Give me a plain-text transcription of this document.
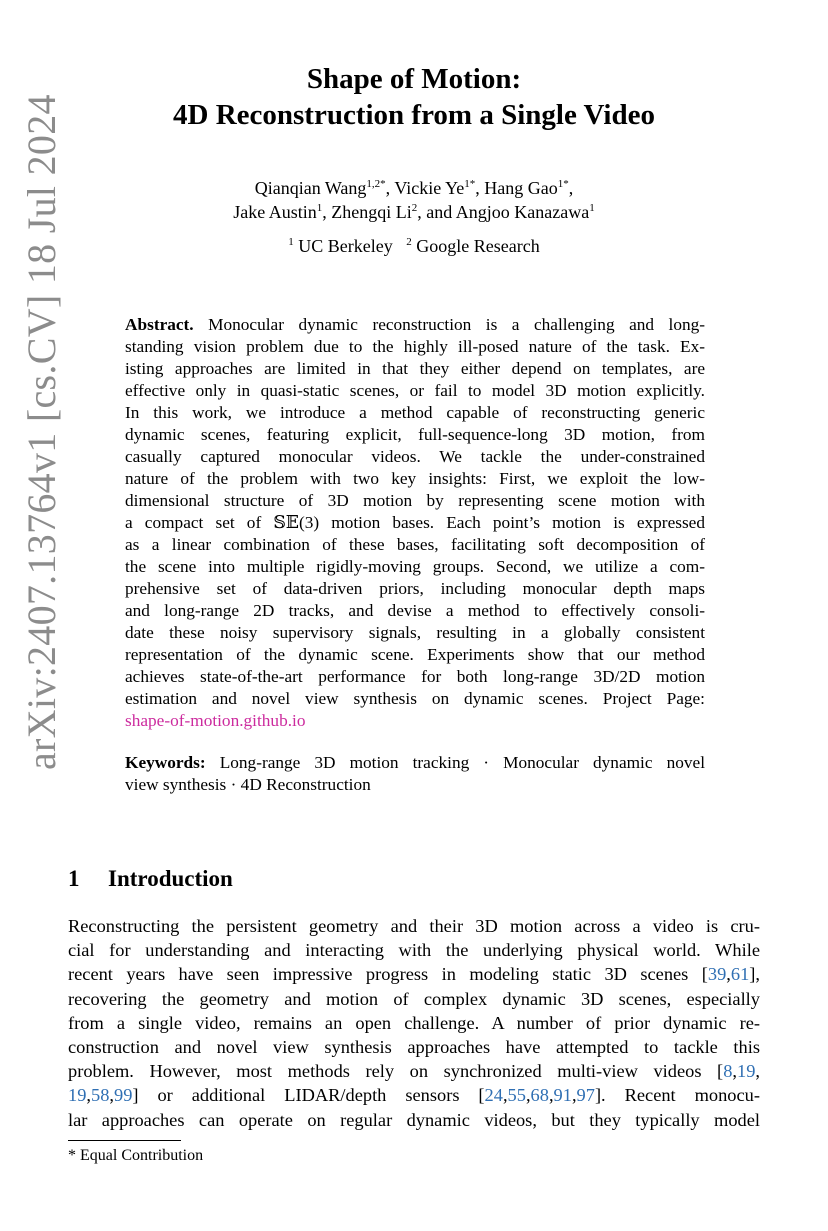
arXiv:2407.13764v1 [cs.CV] 18 Jul 2024
Shape of Motion:
4D Reconstruction from a Single Video
Qianqian Wang$^{1,2*}$, Vickie $Ye^{1*}$, Hang Gao$^{1*}$,
Jake Austin$^1$, Zhengqi Li$^2$, and Angjoo Kanazawa$^1$
$^1$ UC Berkeley $^2$ Google Research
Abstract. Monocular dynamic reconstruction is a challenging and long-
standing vision problem due to the highly ill-posed nature of the task. Ex-
isting approaches are limited in that they either depend on templates, are
effective only in quasi-static scenes, or fail to model 3D motion explicitly.
In this work, we introduce a method capable of reconstructing generic
dynamic scenes, featuring explicit, full-sequence-long 3D motion, from
casually captured monocular videos. We tackle the under-constrained
nature of the problem with two key insights: First, we exploit the low-
dimensional structure of 3D motion by representing scene motion with
a compact set of 𝕊𝔼(3) motion bases. Each point’s motion is expressed
as a linear combination of these bases, facilitating soft decomposition of
the scene into multiple rigidly-moving groups. Second, we utilize a com-
prehensive set of data-driven priors, including monocular depth maps
and long-range 2D tracks, and devise a method to effectively consoli-
date these noisy supervisory signals, resulting in a globally consistent
representation of the dynamic scene. Experiments show that our method
achieves state-of-the-art performance for both long-range 3D/2D motion
estimation and novel view synthesis on dynamic scenes. Project Page:
shape-of-motion.github.io
Keywords: Long-range 3D motion tracking · Monocular dynamic novel
view synthesis · 4D Reconstruction
1 Introduction
Reconstructing the persistent geometry and their 3D motion across a video is cru-
cial for understanding and interacting with the underlying physical world. While
recent years have seen impressive progress in modeling static 3D scenes [39,61],
recovering the geometry and motion of complex dynamic 3D scenes, especially
from a single video, remains an open challenge. A number of prior dynamic re-
construction and novel view synthesis approaches have attempted to tackle this
problem. However, most methods rely on synchronized multi-view videos [8,19,
19,58,99] or additional LIDAR/depth sensors [24,55,68,91,97]. Recent monocu-
lar approaches can operate on regular dynamic videos, but they typically model
* Equal Contribution
